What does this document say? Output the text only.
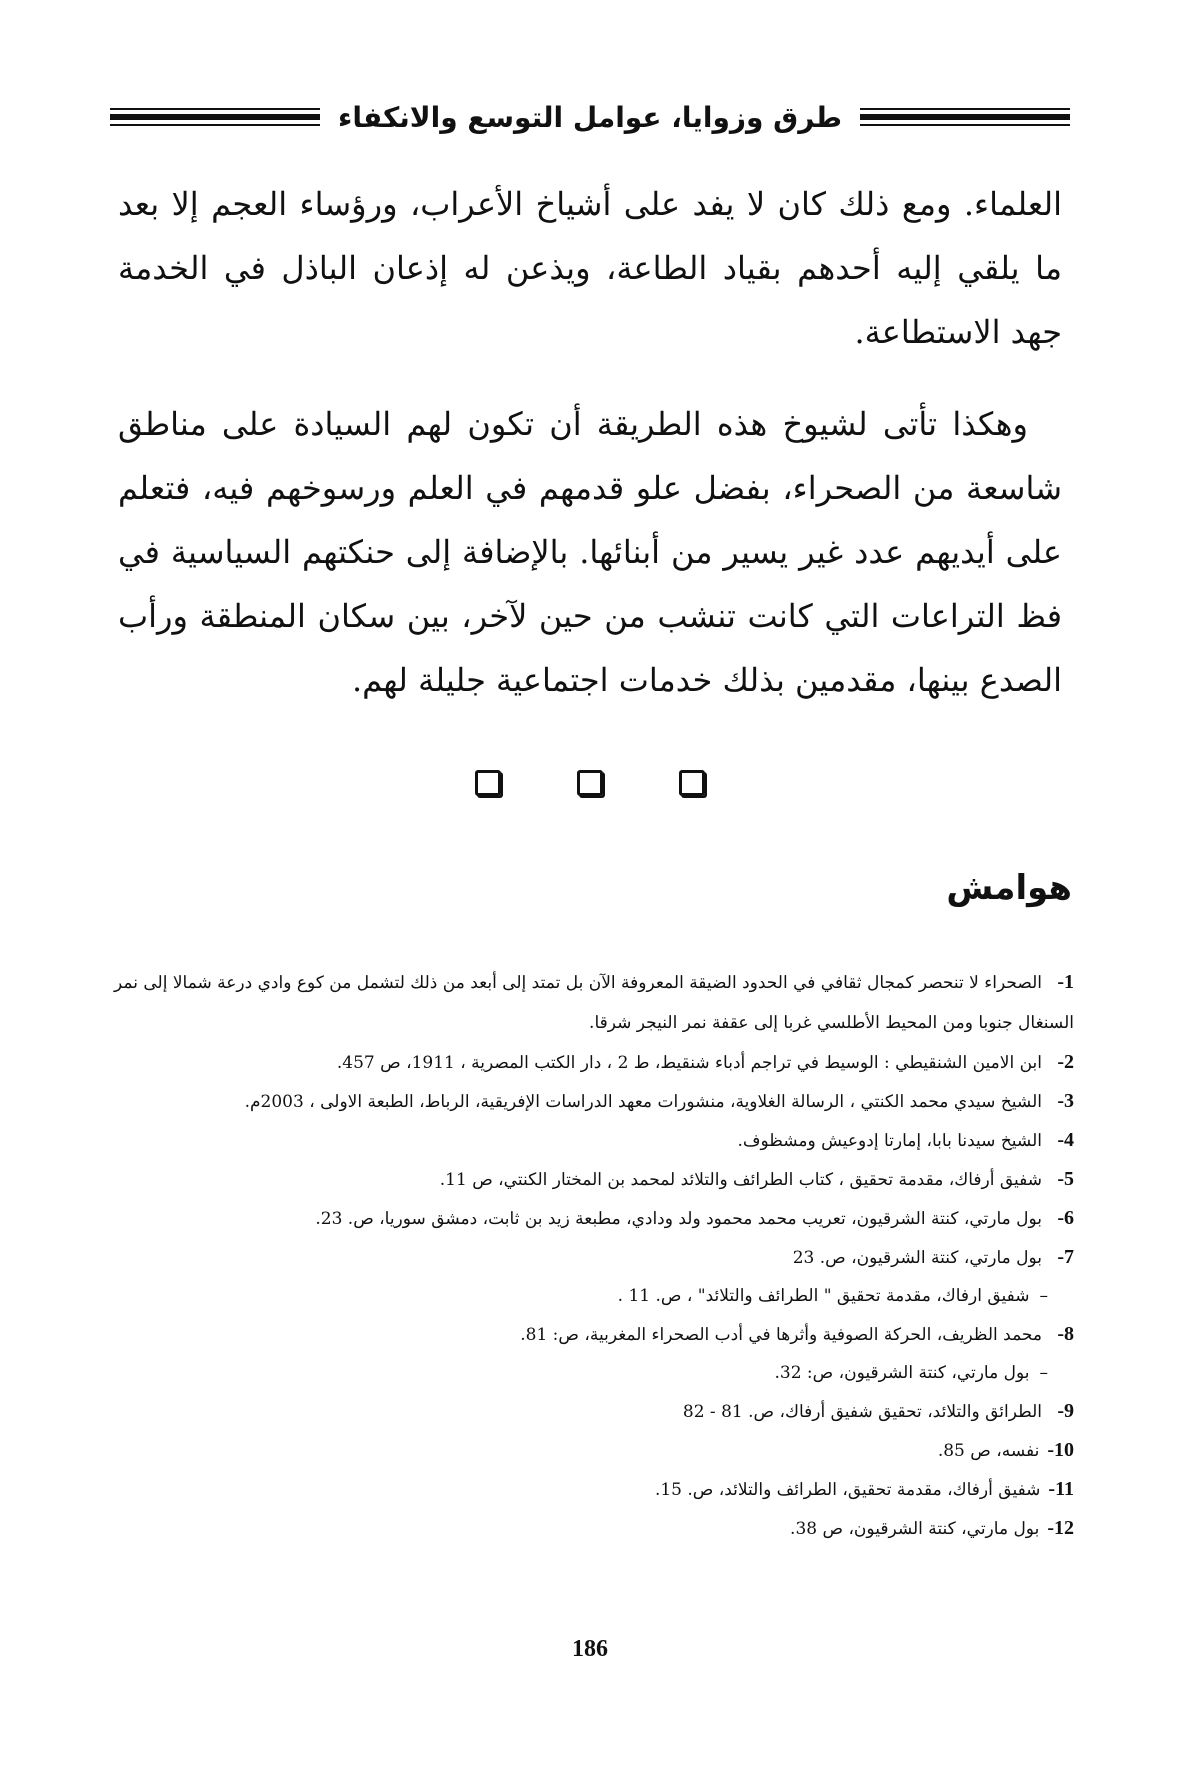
طرق وزوايا، عوامل التوسع والانكفاء

العلماء. ومع ذلك كان لا يفد على أشياخ الأعراب، ورؤساء العجم إلا بعد ما يلقي إليه أحدهم بقياد الطاعة، ويذعن له إذعان الباذل في الخدمة جهد الاستطاعة.

وهكذا تأتى لشيوخ هذه الطريقة أن تكون لهم السيادة على مناطق شاسعة من الصحراء، بفضل علو قدمهم في العلم ورسوخهم فيه، فتعلم على أيديهم عدد غير يسير من أبنائها. بالإضافة إلى حنكتهم السياسية في فظ التراعات التي كانت تنشب من حين لآخر، بين سكان المنطقة ورأب الصدع بينها، مقدمين بذلك خدمات اجتماعية جليلة لهم.

هوامش
1-الصحراء لا تنحصر كمجال ثقافي في الحدود الضيقة المعروفة الآن بل تمتد إلى أبعد من ذلك لتشمل من كوع وادي درعة شمالا إلى نمر السنغال جنوبا ومن المحيط الأطلسي غربا إلى عقفة نمر النيجر شرقا.
2-ابن الامين الشنقيطي : الوسيط في تراجم أدباء شنقيط، ط 2 ، دار الكتب المصرية ، 1911، ص 457.
3-الشيخ سيدي محمد الكنتي ، الرسالة الغلاوية، منشورات معهد الدراسات الإفريقية، الرباط، الطبعة الاولى ، 2003م.
4-الشيخ سيدنا بابا، إمارتا إدوعيش ومشظوف.
5-شفيق أرفاك، مقدمة تحقيق ، كتاب الطرائف والتلائد لمحمد بن المختار الكنتي، ص 11.
6-بول مارتي، كنتة الشرقيون، تعريب محمد محمود ولد ودادي، مطبعة زيد بن ثابت، دمشق سوريا، ص. 23.
7-بول مارتي، كنتة الشرقيون، ص. 23
–شفيق ارفاك، مقدمة تحقيق " الطرائف والتلائد" ، ص. 11 .
8-محمد الظريف، الحركة الصوفية وأثرها في أدب الصحراء المغربية، ص: 81.
–بول مارتي، كنتة الشرقيون، ص: 32.
9-الطرائق والتلائد، تحقيق شفيق أرفاك، ص. 81 - 82
10-نفسه، ص 85.
11-شفيق أرفاك، مقدمة تحقيق، الطرائف والتلائد، ص. 15.
12-بول مارتي، كنتة الشرقيون، ص 38.
186
